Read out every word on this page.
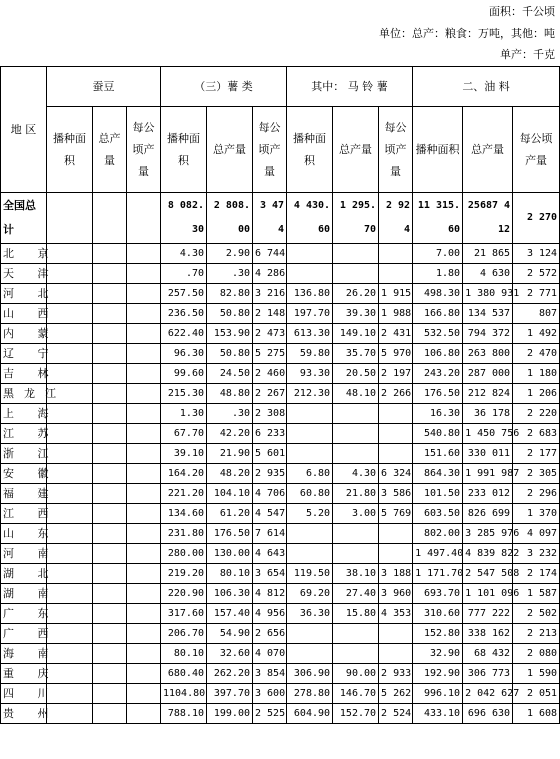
面积：千公顷
单位：总产：粮食：万吨，其他：吨
单产：千克
地 区	蚕豆			（三）薯 类			其中： 马 铃 薯			二、油 料		
	播种面积	总产量	每公顷产量	播种面积	总产量	每公顷产量	播种面积	总产量	每公顷产量	播种面积	总产量	每公顷产量
全国总计				8 082.30	2 808.00	3 474	4 430.60	1 295.70	2 924	11 315.60	25687 412	2 270
北 京				4.30	2.90	6 744				7.00	21 865	3 124
天 津				.70	.30	4 286				1.80	4 630	2 572
河 北				257.50	82.80	3 216	136.80	26.20	1 915	498.30	1 380 931	2 771
山 西				236.50	50.80	2 148	197.70	39.30	1 988	166.80	134 537	807
内 蒙				622.40	153.90	2 473	613.30	149.10	2 431	532.50	794 372	1 492
辽 宁				96.30	50.80	5 275	59.80	35.70	5 970	106.80	263 800	2 470
吉 林				99.60	24.50	2 460	93.30	20.50	2 197	243.20	287 000	1 180
黑龙江				215.30	48.80	2 267	212.30	48.10	2 266	176.50	212 824	1 206
上 海				1.30	.30	2 308				16.30	36 178	2 220
江 苏				67.70	42.20	6 233				540.80	1 450 756	2 683
浙 江				39.10	21.90	5 601				151.60	330 011	2 177
安 徽				164.20	48.20	2 935	6.80	4.30	6 324	864.30	1 991 987	2 305
福 建				221.20	104.10	4 706	60.80	21.80	3 586	101.50	233 012	2 296
江 西				134.60	61.20	4 547	5.20	3.00	5 769	603.50	826 699	1 370
山 东				231.80	176.50	7 614				802.00	3 285 976	4 097
河 南				280.00	130.00	4 643				1 497.40	4 839 822	3 232
湖 北				219.20	80.10	3 654	119.50	38.10	3 188	1 171.70	2 547 508	2 174
湖 南				220.90	106.30	4 812	69.20	27.40	3 960	693.70	1 101 096	1 587
广 东				317.60	157.40	4 956	36.30	15.80	4 353	310.60	777 222	2 502
广 西				206.70	54.90	2 656				152.80	338 162	2 213
海 南				80.10	32.60	4 070				32.90	68 432	2 080
重 庆				680.40	262.20	3 854	306.90	90.00	2 933	192.90	306 773	1 590
四 川				1104.80	397.70	3 600	278.80	146.70	5 262	996.10	2 042 627	2 051
贵 州				788.10	199.00	2 525	604.90	152.70	2 524	433.10	696 630	1 608
